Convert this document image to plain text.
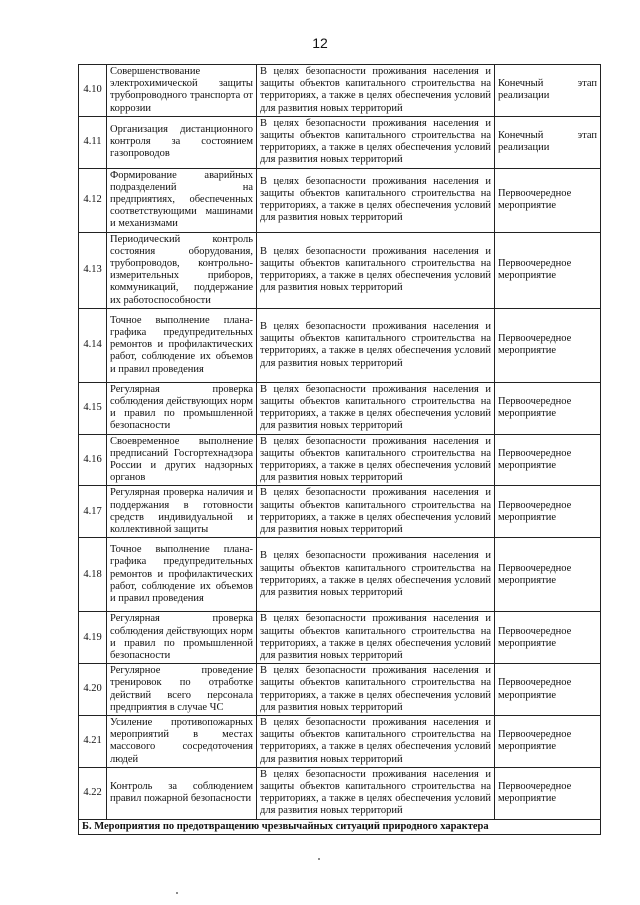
12
4.10	Совершенствование электрохимической защиты трубопроводного транспорта от коррозии	В целях безопасности проживания населения и защиты объектов капитального строительства на территориях, а также в целях обеспечения условий для развития новых территорий	Конечный этап реализации
4.11	Организация дистанционного контроля за состоянием газопроводов	В целях безопасности проживания населения и защиты объектов капитального строительства на территориях, а также в целях обеспечения условий для развития новых территорий	Конечный этап реализации
4.12	Формирование аварийных подразделений на предприятиях, обеспеченных соответствующими машинами и механизмами	В целях безопасности проживания населения и защиты объектов капитального строительства на территориях, а также в целях обеспечения условий для развития новых территорий	Первоочередное мероприятие
4.13	Периодический контроль состояния оборудования, трубопроводов, контрольно-измерительных приборов, коммуникаций, поддержание их работоспособности	В целях безопасности проживания населения и защиты объектов капитального строительства на территориях, а также в целях обеспечения условий для развития новых территорий	Первоочередное мероприятие
4.14	Точное выполнение плана-графика предупредительных ремонтов и профилактических работ, соблюдение их объемов и правил проведения	В целях безопасности проживания населения и защиты объектов капитального строительства на территориях, а также в целях обеспечения условий для развития новых территорий	Первоочередное мероприятие
4.15	Регулярная проверка соблюдения действующих норм и правил по промышленной безопасности	В целях безопасности проживания населения и защиты объектов капитального строительства на территориях, а также в целях обеспечения условий для развития новых территорий	Первоочередное мероприятие
4.16	Своевременное выполнение предписаний Госгортехнадзора России и других надзорных органов	В целях безопасности проживания населения и защиты объектов капитального строительства на территориях, а также в целях обеспечения условий для развития новых территорий	Первоочередное мероприятие
4.17	Регулярная проверка наличия и поддержания в готовности средств индивидуальной и коллективной защиты	В целях безопасности проживания населения и защиты объектов капитального строительства на территориях, а также в целях обеспечения условий для развития новых территорий	Первоочередное мероприятие
4.18	Точное выполнение плана-графика предупредительных ремонтов и профилактических работ, соблюдение их объемов и правил проведения	В целях безопасности проживания населения и защиты объектов капитального строительства на территориях, а также в целях обеспечения условий для развития новых территорий	Первоочередное мероприятие
4.19	Регулярная проверка соблюдения действующих норм и правил по промышленной безопасности	В целях безопасности проживания населения и защиты объектов капитального строительства на территориях, а также в целях обеспечения условий для развития новых территорий	Первоочередное мероприятие
4.20	Регулярное проведение тренировок по отработке действий всего персонала предприятия в случае ЧС	В целях безопасности проживания населения и защиты объектов капитального строительства на территориях, а также в целях обеспечения условий для развития новых территорий	Первоочередное мероприятие
4.21	Усиление противопожарных мероприятий в местах массового сосредоточения людей	В целях безопасности проживания населения и защиты объектов капитального строительства на территориях, а также в целях обеспечения условий для развития новых территорий	Первоочередное мероприятие
4.22	Контроль за соблюдением правил пожарной безопасности	В целях безопасности проживания населения и защиты объектов капитального строительства на территориях, а также в целях обеспечения условий для развития новых территорий	Первоочередное мероприятие
Б. Мероприятия по предотвращению чрезвычайных ситуаций природного характера			
